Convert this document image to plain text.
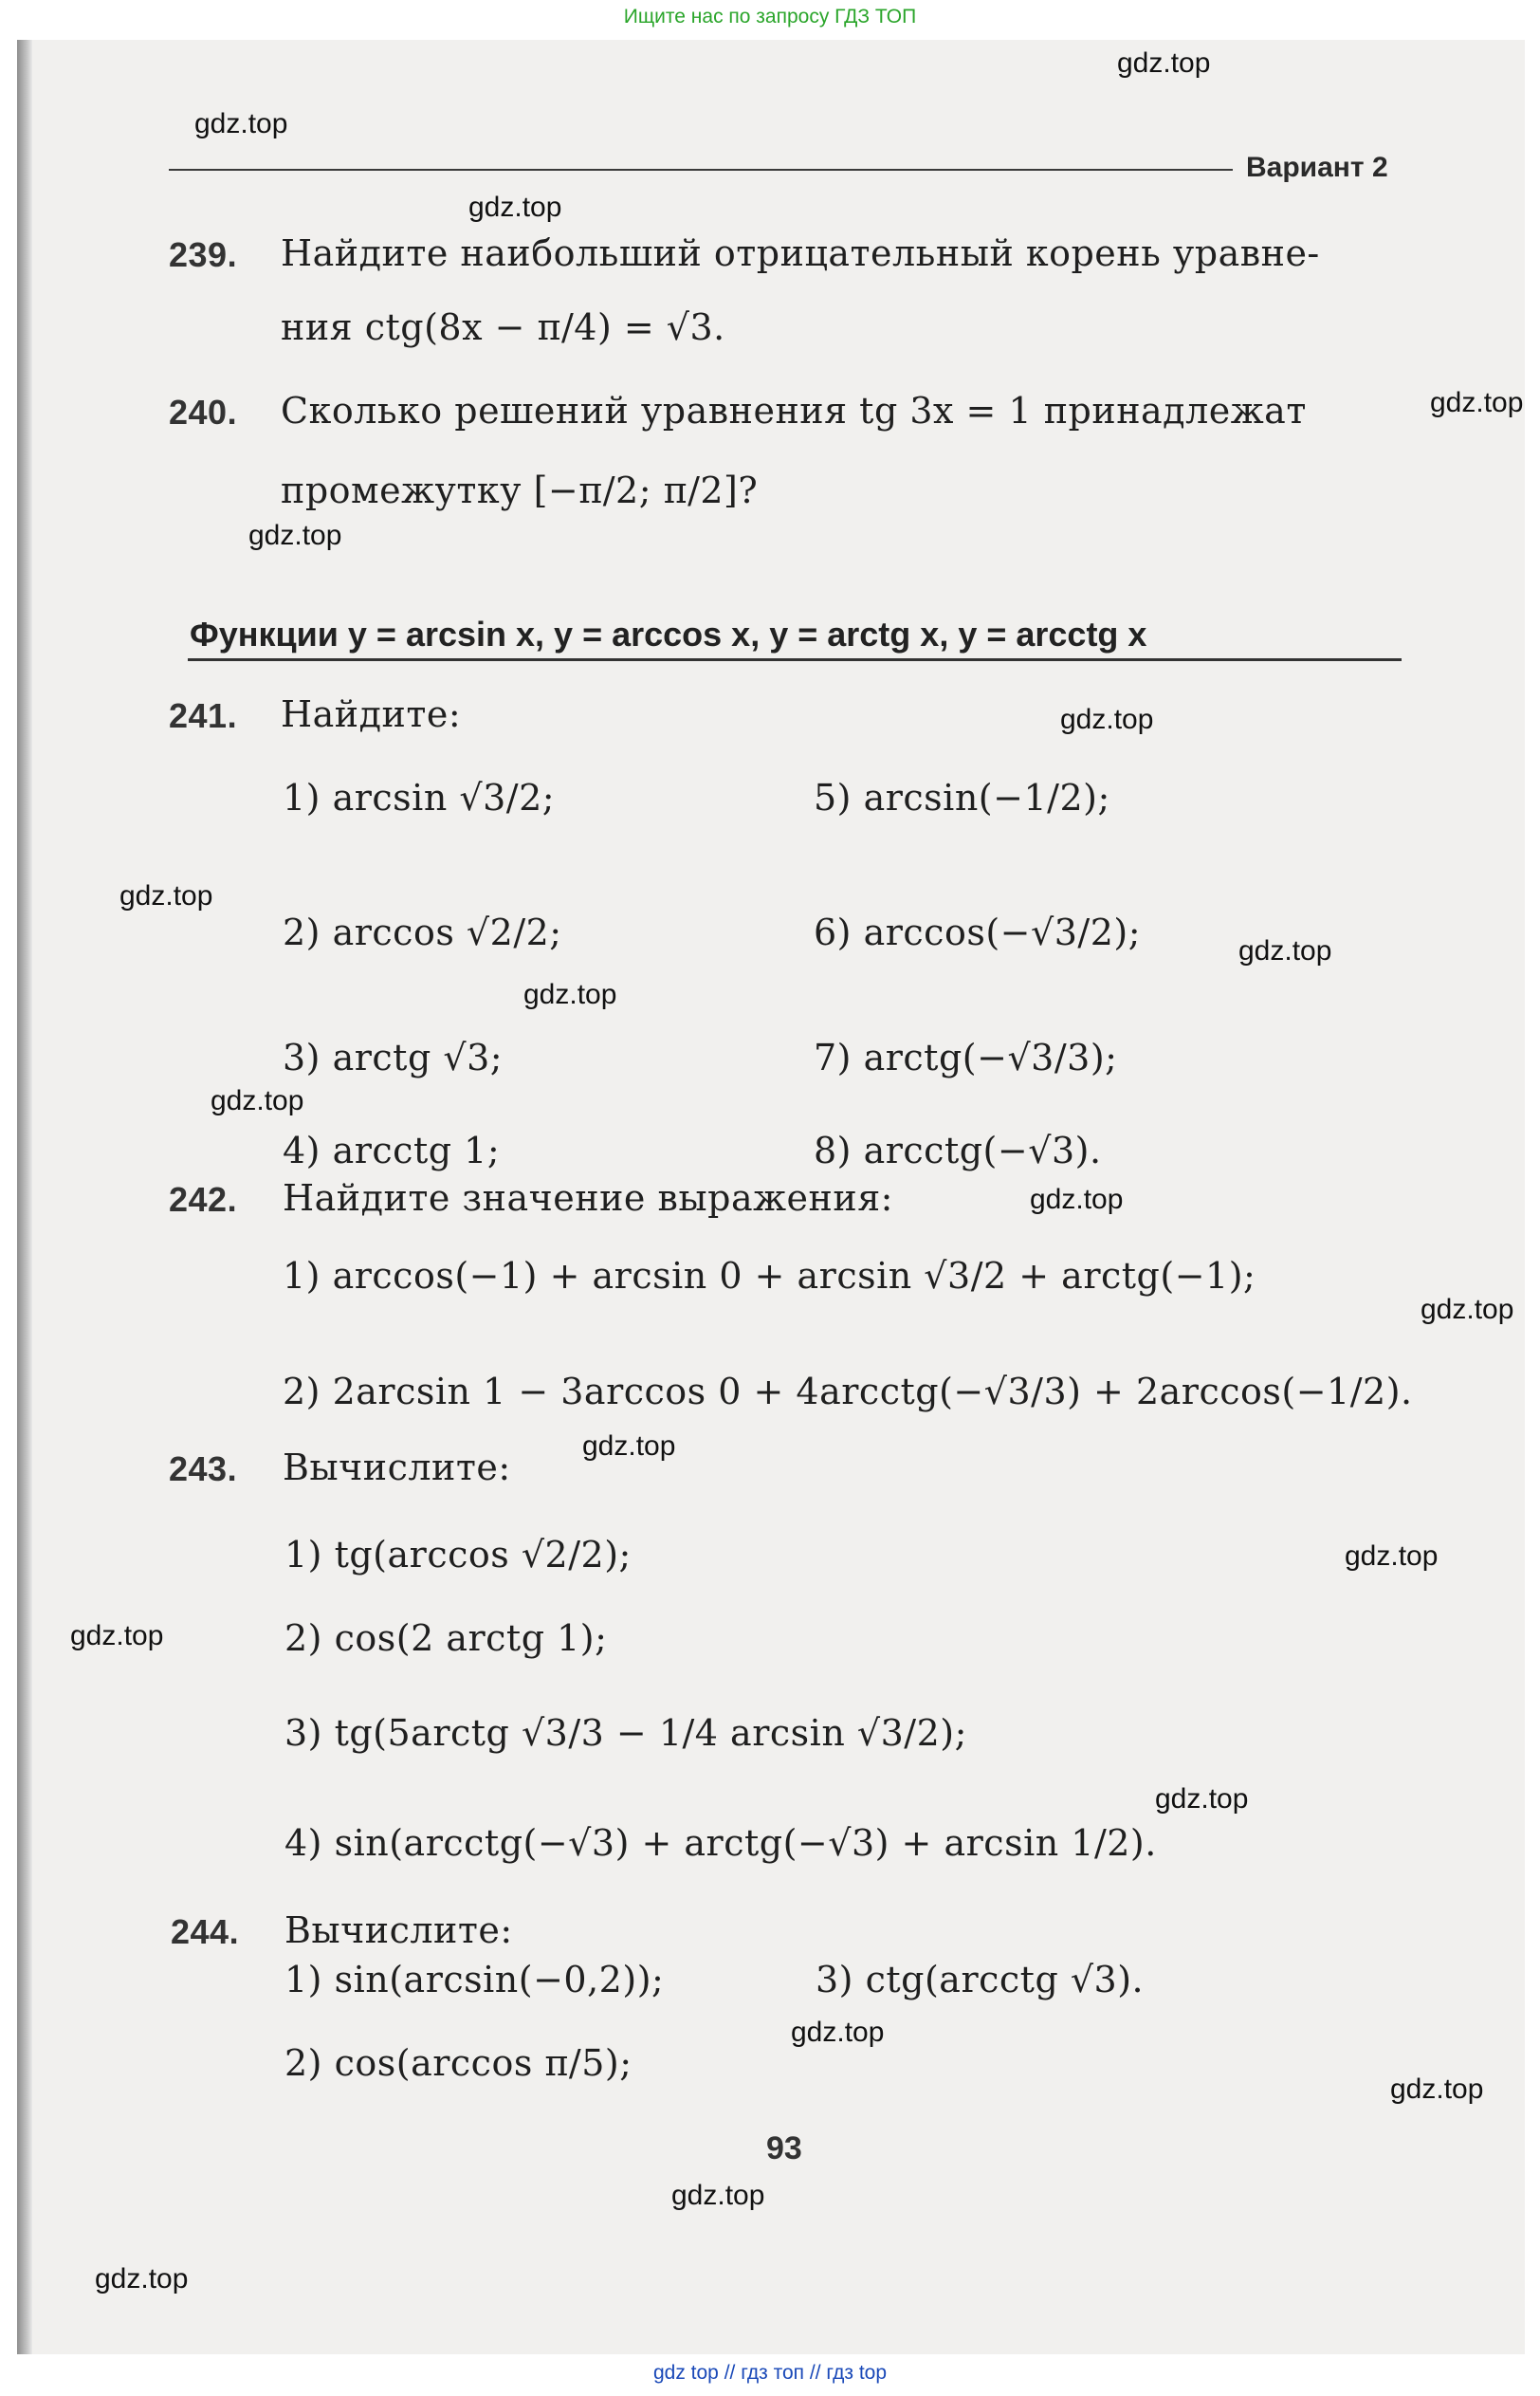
Ищите нас по запросу ГДЗ ТОП
gdz.top
gdz.top
gdz.top
gdz.top
gdz.top
gdz.top
gdz.top
gdz.top
gdz.top
gdz.top
gdz.top
gdz.top
gdz.top
gdz.top
gdz.top
gdz.top
gdz.top
gdz.top
gdz.top
gdz.top
Вариант 2
239. Найдите наибольший отрицательный корень уравне-
ния ctg(8x − π/4) = √3.
240. Сколько решений уравнения tg 3x = 1 принадлежат
промежутку [−π/2; π/2]?
Функции y = arcsin x, y = arccos x, y = arctg x, y = arcctg x
241. Найдите:
1) arcsin √3/2;	5) arcsin(−1/2);
2) arccos √2/2;	6) arccos(−√3/2);
3) arctg √3;	7) arctg(−√3/3);
4) arcctg 1;	8) arcctg(−√3).
242. Найдите значение выражения:
1) arccos(−1) + arcsin 0 + arcsin √3/2 + arctg(−1);
2) 2arcsin 1 − 3arccos 0 + 4arcctg(−√3/3) + 2arccos(−1/2).
243. Вычислите:
1) tg(arccos √2/2);
2) cos(2 arctg 1);
3) tg(5arctg √3/3 − 1/4 arcsin √3/2);
4) sin(arcctg(−√3) + arctg(−√3) + arcsin 1/2).
244. Вычислите:
1) sin(arcsin(−0,2));	3) ctg(arcctg √3).
2) cos(arccos π/5);
93
gdz top // гдз топ // гдз top
